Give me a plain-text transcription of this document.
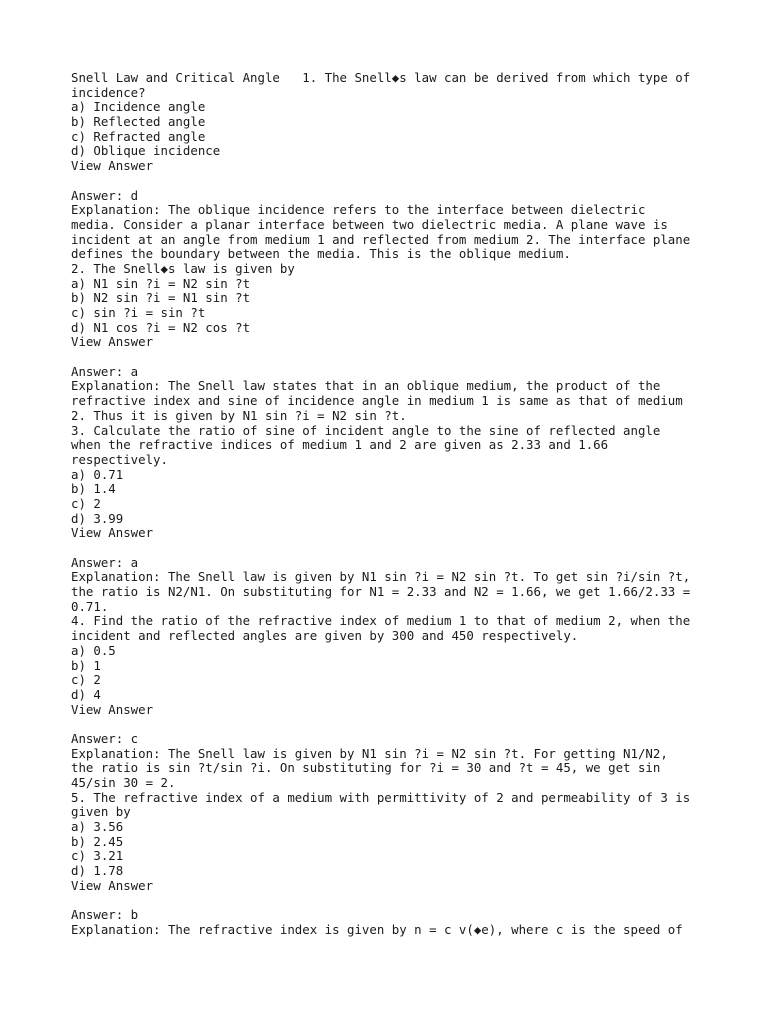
Snell Law and Critical Angle   1. The Snell◆s law can be derived from which type of
incidence?
a) Incidence angle
b) Reflected angle
c) Refracted angle
d) Oblique incidence
View Answer
Answer: d
Explanation: The oblique incidence refers to the interface between dielectric
media. Consider a planar interface between two dielectric media. A plane wave is
incident at an angle from medium 1 and reflected from medium 2. The interface plane
defines the boundary between the media. This is the oblique medium.
2. The Snell◆s law is given by
a) N1 sin ?i = N2 sin ?t
b) N2 sin ?i = N1 sin ?t
c) sin ?i = sin ?t
d) N1 cos ?i = N2 cos ?t
View Answer
Answer: a
Explanation: The Snell law states that in an oblique medium, the product of the
refractive index and sine of incidence angle in medium 1 is same as that of medium
2. Thus it is given by N1 sin ?i = N2 sin ?t.
3. Calculate the ratio of sine of incident angle to the sine of reflected angle
when the refractive indices of medium 1 and 2 are given as 2.33 and 1.66
respectively.
a) 0.71
b) 1.4
c) 2
d) 3.99
View Answer
Answer: a
Explanation: The Snell law is given by N1 sin ?i = N2 sin ?t. To get sin ?i/sin ?t,
the ratio is N2/N1. On substituting for N1 = 2.33 and N2 = 1.66, we get 1.66/2.33 =
0.71.
4. Find the ratio of the refractive index of medium 1 to that of medium 2, when the
incident and reflected angles are given by 300 and 450 respectively.
a) 0.5
b) 1
c) 2
d) 4
View Answer
Answer: c
Explanation: The Snell law is given by N1 sin ?i = N2 sin ?t. For getting N1/N2,
the ratio is sin ?t/sin ?i. On substituting for ?i = 30 and ?t = 45, we get sin
45/sin 30 = 2.
5. The refractive index of a medium with permittivity of 2 and permeability of 3 is
given by
a) 3.56
b) 2.45
c) 3.21
d) 1.78
View Answer
Answer: b
Explanation: The refractive index is given by n = c v(◆e), where c is the speed of
